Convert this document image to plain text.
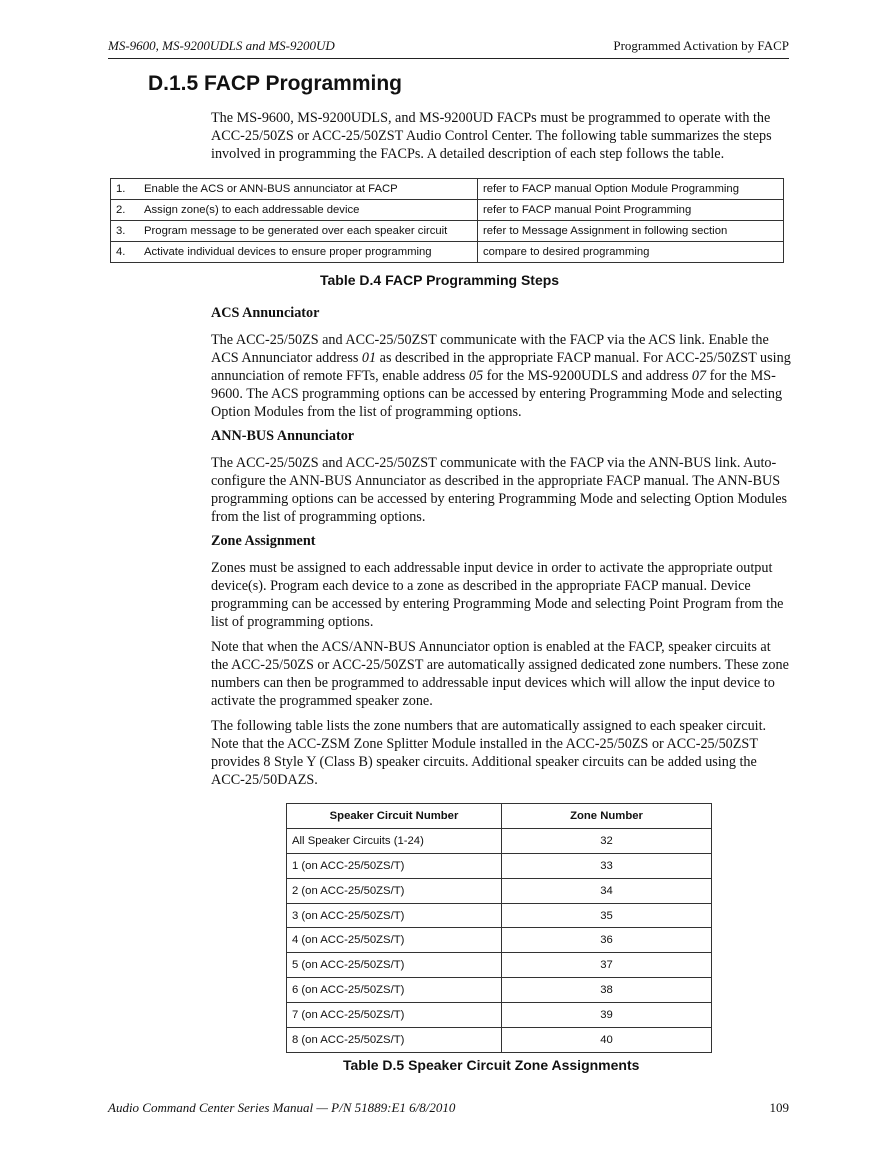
MS-9600, MS-9200UDLS and MS-9200UD	Programmed Activation by FACP
D.1.5 FACP Programming

The MS-9600, MS-9200UDLS, and MS-9200UD FACPs must be programmed to operate with the ACC-25/50ZS or ACC-25/50ZST Audio Control Center. The following table summarizes the steps involved in programming the FACPs. A detailed description of each step follows the table.

1.	Enable the ACS or ANN-BUS annunciator at FACP	refer to FACP manual Option Module Programming
2.	Assign zone(s) to each addressable device	refer to FACP manual Point Programming
3.	Program message to be generated over each speaker circuit	refer to Message Assignment in following section
4.	Activate individual devices to ensure proper programming	compare to desired programming

Table D.4 FACP Programming Steps

ACS Annunciator

The ACC-25/50ZS and ACC-25/50ZST communicate with the FACP via the ACS link. Enable the ACS Annunciator address 01 as described in the appropriate FACP manual. For ACC-25/50ZST using annunciation of remote FFTs, enable address 05 for the MS-9200UDLS and address 07 for the MS-9600. The ACS programming options can be accessed by entering Programming Mode and selecting Option Modules from the list of programming options.

ANN-BUS Annunciator

The ACC-25/50ZS and ACC-25/50ZST communicate with the FACP via the ANN-BUS link. Auto-configure the ANN-BUS Annunciator as described in the appropriate FACP manual. The ANN-BUS programming options can be accessed by entering Programming Mode and selecting Option Modules from the list of programming options.

Zone Assignment

Zones must be assigned to each addressable input device in order to activate the appropriate output device(s). Program each device to a zone as described in the appropriate FACP manual. Device programming can be accessed by entering Programming Mode and selecting Point Program from the list of programming options.

Note that when the ACS/ANN-BUS Annunciator option is enabled at the FACP, speaker circuits at the ACC-25/50ZS or ACC-25/50ZST are automatically assigned dedicated zone numbers. These zone numbers can then be programmed to addressable input devices which will allow the input device to activate the programmed speaker zone.

The following table lists the zone numbers that are automatically assigned to each speaker circuit. Note that the ACC-ZSM Zone Splitter Module installed in the ACC-25/50ZS or ACC-25/50ZST provides 8 Style Y (Class B) speaker circuits. Additional speaker circuits can be added using the ACC-25/50DAZS.

Speaker Circuit Number	Zone Number
All Speaker Circuits (1-24)	32
1 (on ACC-25/50ZS/T)	33
2 (on ACC-25/50ZS/T)	34
3 (on ACC-25/50ZS/T)	35
4 (on ACC-25/50ZS/T)	36
5 (on ACC-25/50ZS/T)	37
6 (on ACC-25/50ZS/T)	38
7 (on ACC-25/50ZS/T)	39
8 (on ACC-25/50ZS/T)	40

Table D.5 Speaker Circuit Zone Assignments

Audio Command Center Series Manual — P/N 51889:E1 6/8/2010	109
